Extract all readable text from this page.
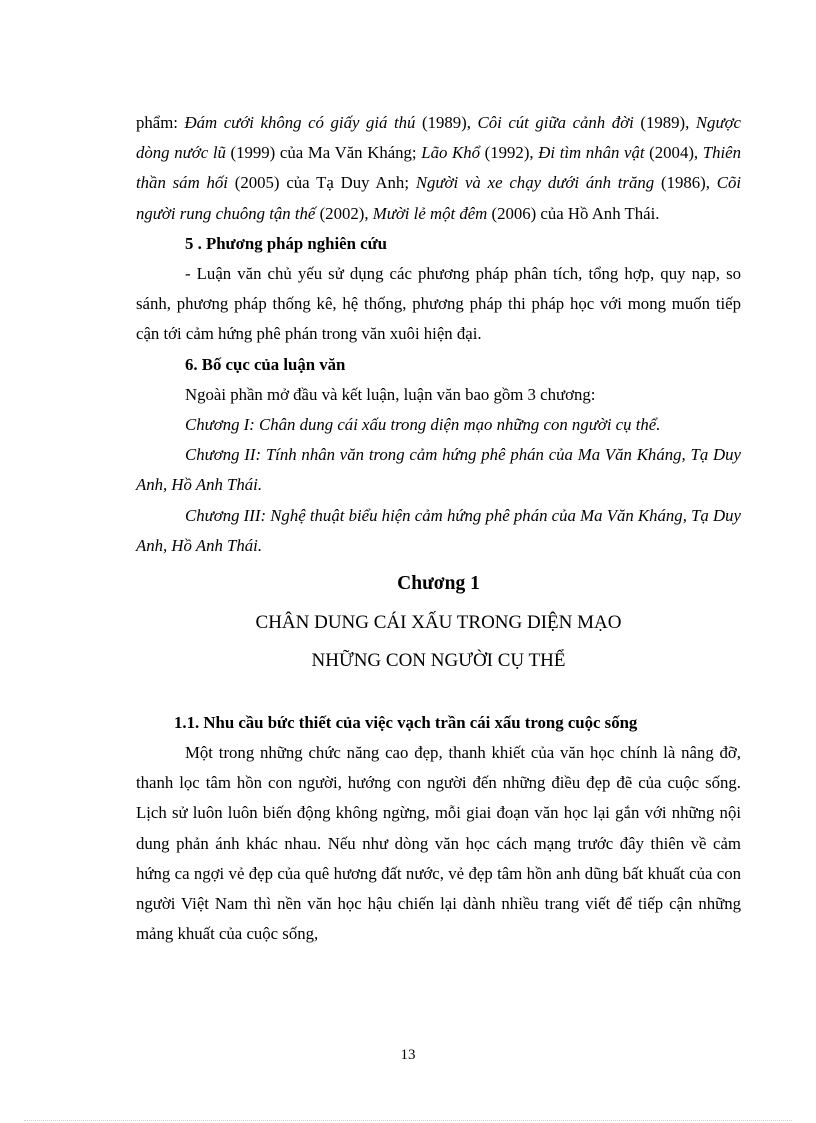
phẩm: Đám cưới không có giấy giá thú (1989), Côi cút giữa cảnh đời (1989), Ngược dòng nước lũ (1999) của Ma Văn Kháng; Lão Khổ (1992), Đi tìm nhân vật (2004), Thiên thần sám hối (2005) của Tạ Duy Anh; Người và xe chạy dưới ánh trăng (1986), Cõi người rung chuông tận thế (2002), Mười lẻ một đêm (2006) của Hồ Anh Thái.

5 . Phương pháp nghiên cứu

- Luận văn chủ yếu sử dụng các phương pháp phân tích, tổng hợp, quy nạp, so sánh, phương pháp thống kê, hệ thống, phương pháp thi pháp học với mong muốn tiếp cận tới cảm hứng phê phán trong văn xuôi hiện đại.

6. Bố cục của luận văn

Ngoài phần mở đầu và kết luận, luận văn bao gồm 3 chương:

Chương I: Chân dung cái xấu trong diện mạo những con người cụ thể.

Chương II: Tính nhân văn trong cảm hứng phê phán của Ma Văn Kháng, Tạ Duy Anh, Hồ Anh Thái.

Chương III: Nghệ thuật biểu hiện cảm hứng phê phán của Ma Văn Kháng, Tạ Duy Anh, Hồ Anh Thái.

Chương 1

CHÂN DUNG CÁI XẤU TRONG DIỆN MẠO

NHỮNG CON NGƯỜI CỤ THỂ

1.1. Nhu cầu bức thiết của việc vạch trần cái xấu trong cuộc sống

Một trong những chức năng cao đẹp, thanh khiết của văn học chính là nâng đỡ, thanh lọc tâm hồn con người, hướng con người đến những điều đẹp đẽ của cuộc sống. Lịch sử luôn luôn biến động không ngừng, mỗi giai đoạn văn học lại gắn với những nội dung phản ánh khác nhau. Nếu như dòng văn học cách mạng trước đây thiên về cảm hứng ca ngợi vẻ đẹp của quê hương đất nước, vẻ đẹp tâm hồn anh dũng bất khuất của con người Việt Nam thì nền văn học hậu chiến lại dành nhiều trang viết để tiếp cận những mảng khuất của cuộc sống,

13
